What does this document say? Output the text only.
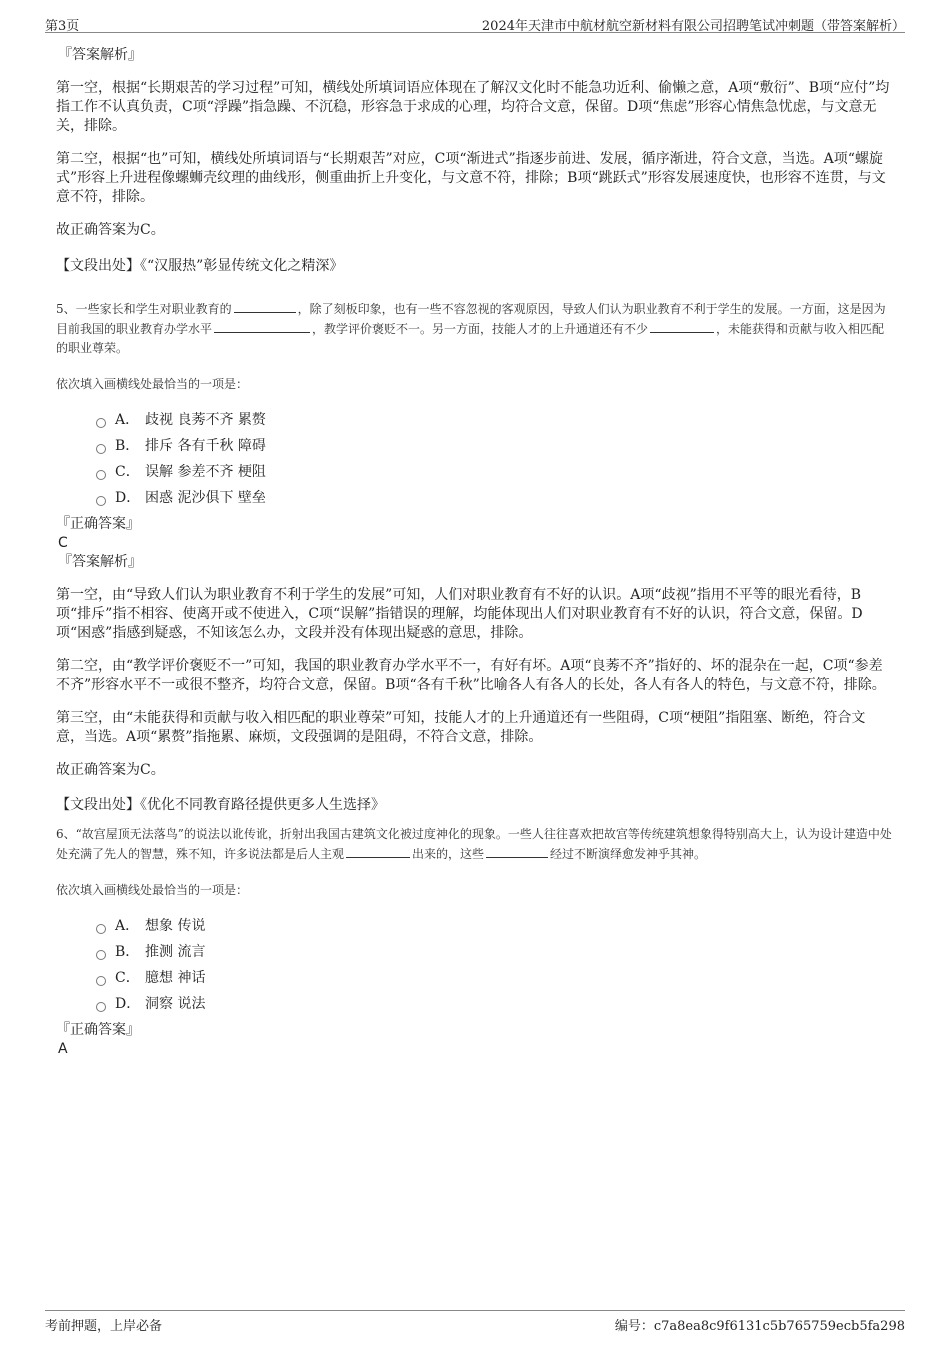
第3页	2024年天津市中航材航空新材料有限公司招聘笔试冲刺题（带答案解析）
『答案解析』

第一空，根据“长期艰苦的学习过程”可知，横线处所填词语应体现在了解汉文化时不能急功近利、偷懒之意，A项“敷衍”、B项“应付”均指工作不认真负责，C项“浮躁”指急躁、不沉稳，形容急于求成的心理，均符合文意，保留。D项“焦虑”形容心情焦急忧虑，与文意无关，排除。

第二空，根据“也”可知，横线处所填词语与“长期艰苦”对应，C项“渐进式”指逐步前进、发展，循序渐进，符合文意，当选。A项“螺旋式”形容上升进程像螺蛳壳纹理的曲线形，侧重曲折上升变化，与文意不符，排除；B项“跳跃式”形容发展速度快，也形容不连贯，与文意不符，排除。

故正确答案为C。

【文段出处】《“汉服热”彰显传统文化之精深》

5、一些家长和学生对职业教育的	，除了刻板印象，也有一些不容忽视的客观原因，导致人们认为职业教育不利于学生的发展。一方面，这是因为目前我国的职业教育办学水平	，教学评价褒贬不一。另一方面，技能人才的上升通道还有不少	，未能获得和贡献与收入相匹配的职业尊荣。

依次填入画横线处最恰当的一项是：

A． 歧视 良莠不齐 累赘
B． 排斥 各有千秋 障碍
C． 误解 参差不齐 梗阻
D． 困惑 泥沙俱下 壁垒
『正确答案』
C
『答案解析』

第一空，由“导致人们认为职业教育不利于学生的发展”可知，人们对职业教育有不好的认识。A项“歧视”指用不平等的眼光看待，B项“排斥”指不相容、使离开或不使进入，C项“误解”指错误的理解，均能体现出人们对职业教育有不好的认识，符合文意，保留。D项“困惑”指感到疑惑，不知该怎么办，文段并没有体现出疑惑的意思，排除。

第二空，由“教学评价褒贬不一”可知，我国的职业教育办学水平不一，有好有坏。A项“良莠不齐”指好的、坏的混杂在一起，C项“参差不齐”形容水平不一或很不整齐，均符合文意，保留。B项“各有千秋”比喻各人有各人的长处，各人有各人的特色，与文意不符，排除。

第三空，由“未能获得和贡献与收入相匹配的职业尊荣”可知，技能人才的上升通道还有一些阻碍，C项“梗阻”指阻塞、断绝，符合文意，当选。A项“累赘”指拖累、麻烦，文段强调的是阻碍，不符合文意，排除。

故正确答案为C。

【文段出处】《优化不同教育路径提供更多人生选择》

6、“故宫屋顶无法落鸟”的说法以讹传讹，折射出我国古建筑文化被过度神化的现象。一些人往往喜欢把故宫等传统建筑想象得特别高大上，认为设计建造中处处充满了先人的智慧，殊不知，许多说法都是后人主观	出来的，这些	经过不断演绎愈发神乎其神。

依次填入画横线处最恰当的一项是：

A． 想象 传说
B． 推测 流言
C． 臆想 神话
D． 洞察 说法
『正确答案』
A
考前押题，上岸必备	编号：c7a8ea8c9f6131c5b765759ecb5fa298
